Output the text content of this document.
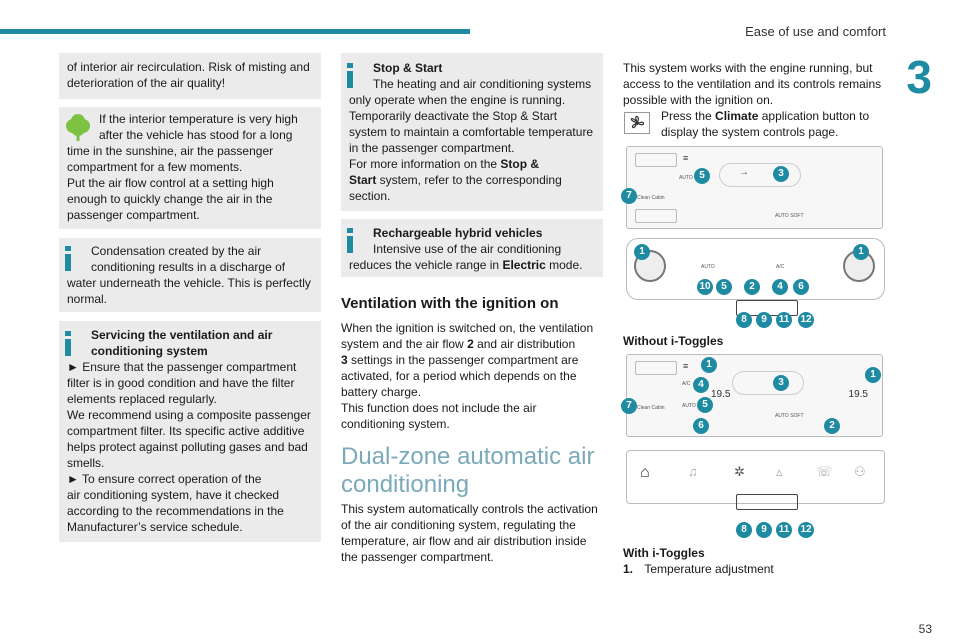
Ease of use and comfort
3

of interior air recirculation. Risk of misting and deterioration of the air quality!

If the interior temperature is very high

after the vehicle has stood for a long

time in the sunshine, air the passenger

compartment for a few moments.

Put the air flow control at a setting high

enough to quickly change the air in the

passenger compartment.

Condensation created by the air

conditioning results in a discharge of

water underneath the vehicle. This is perfectly

normal.

Servicing the ventilation and air

conditioning system

► Ensure that the passenger compartment

filter is in good condition and have the filter

elements replaced regularly.

We recommend using a composite passenger

compartment filter. Its specific active additive

helps protect against polluting gases and bad

smells.

► To ensure correct operation of the

air conditioning system, have it checked

according to the recommendations in the

Manufacturer’s service schedule.

Stop & Start

The heating and air conditioning systems

only operate when the engine is running.

Temporarily deactivate the Stop & Start

system to maintain a comfortable temperature

in the passenger compartment.

For more information on the Stop &

Start system, refer to the corresponding

section.

Rechargeable hybrid vehicles

Intensive use of the air conditioning

reduces the vehicle range in Electric mode.

Ventilation with the ignition on

When the ignition is switched on, the ventilation

system and the air flow 2 and air distribution

3 settings in the passenger compartment are

activated, for a period which depends on the

battery charge.

This function does not include the air

conditioning system.

Dual-zone automatic air
conditioning

This system automatically controls the activation

of the air conditioning system, regulating the

temperature, air flow and air distribution inside

the passenger compartment.

This system works with the engine running, but

access to the ventilation and its controls remains

possible with the ignition on.

Press the Climate application button to

display the system controls page.

≡
AUTO
Clean Cabin
→
AUTO SOFT
5	3
7
AUTO	A/C
1	1
10	5	2	4	6
8	9	11 12
Without i-Toggles
≡
A/C
AUTO
19.5	19.5
AUTO SOFT
Clean Cabin
1
4	3
1
5
7
6	2
⌂	♫	✲ ▵	☏ ⚇
8	9	11 12
With i-Toggles
1. Temperature adjustment
53
